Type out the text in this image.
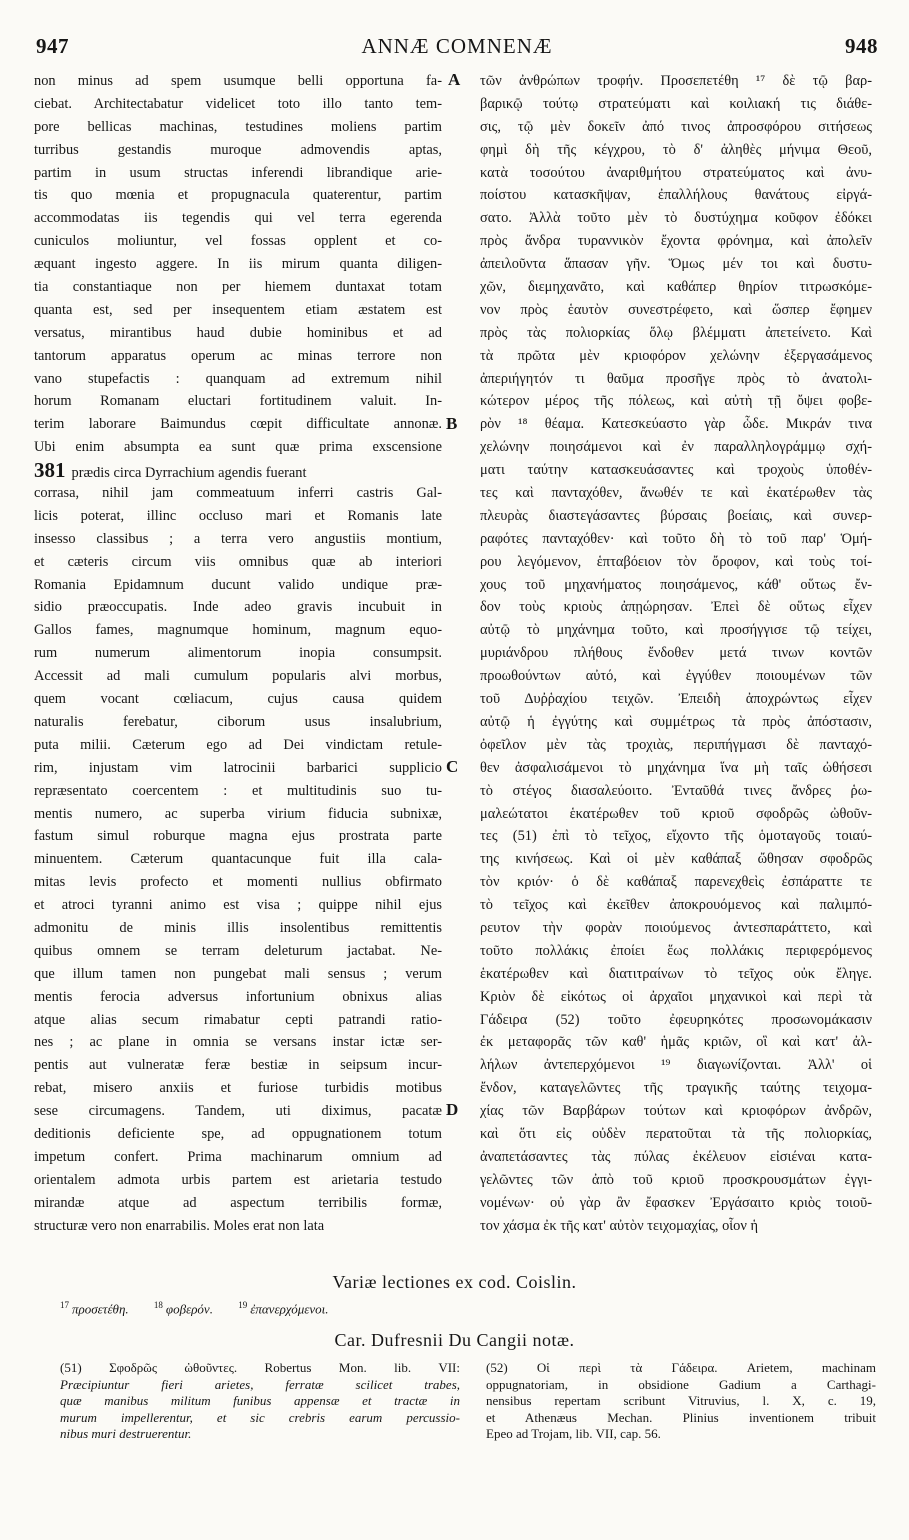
947	ANNÆ COMNENÆ	948
non minus ad spem usumque belli opportuna fa-
ciebat. Architectabatur videlicet toto illo tanto tem-
pore bellicas machinas, testudines moliens partim
turribus gestandis muroque admovendis aptas,
partim in usum structas inferendi librandique arie-
tis quo mœnia et propugnacula quaterentur, partim
accommodatas iis tegendis qui vel terra egerenda
cuniculos moliuntur, vel fossas opplent et co-
æquant ingesto aggere. In iis mirum quanta diligen-
tia constantiaque non per hiemem duntaxat totam
quanta est, sed per insequentem etiam æstatem est
versatus, mirantibus haud dubie hominibus et ad
tantorum apparatus operum ac minas terrore non
vano stupefactis : quanquam ad extremum nihil
horum Romanam eluctari fortitudinem valuit. In-
terim laborare Baimundus cœpit difficultate annonæ.
Ubi enim absumpta ea sunt quæ prima exscensione
381 prædis circa Dyrrachium agendis fuerant
corrasa, nihil jam commeatuum inferri castris Gal-
licis poterat, illinc occluso mari et Romanis late
insesso classibus ; a terra vero angustiis montium,
et cæteris circum viis omnibus quæ ab interiori
Romania Epidamnum ducunt valido undique præ-
sidio præoccupatis. Inde adeo gravis incubuit in
Gallos fames, magnumque hominum, magnum equo-
rum numerum alimentorum inopia consumpsit.
Accessit ad mali cumulum popularis alvi morbus,
quem vocant cœliacum, cujus causa quidem
naturalis ferebatur, ciborum usus insalubrium,
puta milii. Cæterum ego ad Dei vindictam retule-
rim, injustam vim latrocinii barbarici supplicio
repræsentato coercentem : et multitudinis suo tu-
mentis numero, ac superba virium fiducia subnixæ,
fastum simul roburque magna ejus prostrata parte
minuentem. Cæterum quantacunque fuit illa cala-
mitas levis profecto et momenti nullius obfirmato
et atroci tyranni animo est visa ; quippe nihil ejus
admonitu de minis illis insolentibus remittentis
quibus omnem se terram deleturum jactabat. Ne-
que illum tamen non pungebat mali sensus ; verum
mentis ferocia adversus infortunium obnixus alias
atque alias secum rimabatur cepti patrandi ratio-
nes ; ac plane in omnia se versans instar ictæ ser-
pentis aut vulneratæ feræ bestiæ in seipsum incur-
rebat, misero anxiis et furiose turbidis motibus
sese circumagens. Tandem, uti diximus, pacatæ
deditionis deficiente spe, ad oppugnationem totum
impetum confert. Prima machinarum omnium ad
orientalem admota urbis partem est arietaria testudo
mirandæ atque ad aspectum terribilis formæ,
structuræ vero non enarrabilis. Moles erat non lata
τῶν ἀνθρώπων τροφήν. Προσεπετέθη ¹⁷ δὲ τῷ βαρ-
βαρικῷ τούτῳ στρατεύματι καὶ κοιλιακή τις διάθε-
σις, τῷ μὲν δοκεῖν ἀπό τινος ἀπροσφόρου σιτήσεως
φημὶ δὴ τῆς κέγχρου, τὸ δ' ἀληθὲς μήνιμα Θεοῦ,
κατὰ τοσούτου ἀναριθμήτου στρατεύματος καὶ ἀνυ-
ποίστου κατασκῆψαν, ἐπαλλήλους θανάτους εἰργά-
σατο. Ἀλλὰ τοῦτο μὲν τὸ δυστύχημα κοῦφον ἐδόκει
πρὸς ἄνδρα τυραννικὸν ἔχοντα φρόνημα, καὶ ἀπολεῖν
ἀπειλοῦντα ἅπασαν γῆν. Ὅμως μέν τοι καὶ δυστυ-
χῶν, διεμηχανᾶτο, καὶ καθάπερ θηρίον τιτρωσκόμε-
νον πρὸς ἑαυτὸν συνεστρέφετο, καὶ ὥσπερ ἔφημεν
πρὸς τὰς πολιορκίας ὅλῳ βλέμματι ἀπετείνετο. Καὶ
τὰ πρῶτα μὲν κριοφόρον χελώνην ἐξεργασάμενος
ἀπεριήγητόν τι θαῦμα προσῆγε πρὸς τὸ ἀνατολι-
κώτερον μέρος τῆς πόλεως, καὶ αὐτὴ τῇ ὄψει φοβε-
ρὸν ¹⁸ θέαμα. Κατεσκεύαστο γὰρ ὧδε. Μικράν τινα
χελώνην ποιησάμενοι καὶ ἐν παραλληλογράμμῳ σχή-
ματι ταύτην κατασκευάσαντες καὶ τροχοὺς ὑποθέν-
τες καὶ πανταχόθεν, ἄνωθέν τε καὶ ἑκατέρωθεν τὰς
πλευρὰς διαστεγάσαντες βύρσαις βοείαις, καὶ συνερ-
ραφότες πανταχόθεν· καὶ τοῦτο δὴ τὸ τοῦ παρ' Ὁμή-
ρου λεγόμενον, ἑπταβόειον τὸν ὄροφον, καὶ τοὺς τοί-
χους τοῦ μηχανήματος ποιησάμενος, κάθ' οὕτως ἔν-
δον τοὺς κριοὺς ἀπῃώρησαν. Ἐπεὶ δὲ οὕτως εἶχεν
αὐτῷ τὸ μηχάνημα τοῦτο, καὶ προσήγγισε τῷ τείχει,
μυριάνδρου πλήθους ἔνδοθεν μετά τινων κοντῶν
προωθούντων αὐτό, καὶ ἐγγύθεν ποιουμένων τῶν
τοῦ Δυῤῥαχίου τειχῶν. Ἐπειδὴ ἀποχρώντως εἶχεν
αὐτῷ ἡ ἐγγύτης καὶ συμμέτρως τὰ πρὸς ἀπόστασιν,
ὀφεῖλον μὲν τὰς τροχιὰς, περιπήγμασι δὲ πανταχό-
θεν ἀσφαλισάμενοι τὸ μηχάνημα ἵνα μὴ ταῖς ὠθήσεσι
τὸ στέγος διασαλεύοιτο. Ἐνταῦθά τινες ἄνδρες ῥω-
μαλεώτατοι ἑκατέρωθεν τοῦ κριοῦ σφοδρῶς ὠθοῦν-
τες (51) ἐπὶ τὸ τεῖχος, εἴχοντο τῆς ὁμοταγοῦς τοιαύ-
της κινήσεως. Καὶ οἱ μὲν καθάπαξ ὤθησαν σφοδρῶς
τὸν κριόν· ὁ δὲ καθάπαξ παρενεχθεὶς ἐσπάραττε τε
τὸ τεῖχος καὶ ἐκεῖθεν ἀποκρουόμενος καὶ παλιμπό-
ρευτον τὴν φορὰν ποιούμενος ἀντεσπαράττετο, καὶ
τοῦτο πολλάκις ἐποίει ἕως πολλάκις περιφερόμενος
ἑκατέρωθεν καὶ διατιτραίνων τὸ τεῖχος οὐκ ἔληγε.
Κριὸν δὲ εἰκότως οἱ ἀρχαῖοι μηχανικοὶ καὶ περὶ τὰ
Γάδειρα (52) τοῦτο ἐφευρηκότες προσωνομάκασιν
ἐκ μεταφορᾶς τῶν καθ' ἡμᾶς κριῶν, οἳ καὶ κατ' ἀλ-
λήλων ἀντεπερχόμενοι ¹⁹ διαγωνίζονται. Ἀλλ' οἱ
ἔνδον, καταγελῶντες τῆς τραγικῆς ταύτης τειχομα-
χίας τῶν Βαρβάρων τούτων καὶ κριοφόρων ἀνδρῶν,
καὶ ὅτι εἰς οὐδὲν περατοῦται τὰ τῆς πολιορκίας,
ἀναπετάσαντες τὰς πύλας ἐκέλευον εἰσιέναι κατα-
γελῶντες τῶν ἀπὸ τοῦ κριοῦ προσκρουσμάτων ἐγγι-
νομένων· οὐ γὰρ ἂν ἔφασκεν Ἐργάσαιτο κριὸς τοιοῦ-
τον χάσμα ἐκ τῆς κατ' αὐτὸν τειχομαχίας, οἷον ἡ
A
B
C
D
Variæ lectiones ex cod. Coislin.
$^{17}$ προσετέθη.	$^{18}$ φοβερόν.	$^{19}$ ἐπανερχόμενοι.
Car. Dufresnii Du Cangii notæ.
(51) Σφοδρῶς ὠθοῦντες. Robertus Mon. lib. VII:
Præcipiuntur fieri arietes, ferratæ scilicet trabes,
quæ manibus militum funibus appensæ et tractæ in
murum impellerentur, et sic crebris earum percussio-
nibus muri destruerentur.
(52) Οἱ περὶ τὰ Γάδειρα. Arietem, machinam
oppugnatoriam, in obsidione Gadium a Carthagi-
nensibus repertam scribunt Vitruvius, l. X, c. 19,
et Athenæus Mechan. Plinius inventionem tribuit
Epeo ad Trojam, lib. VII, cap. 56.
